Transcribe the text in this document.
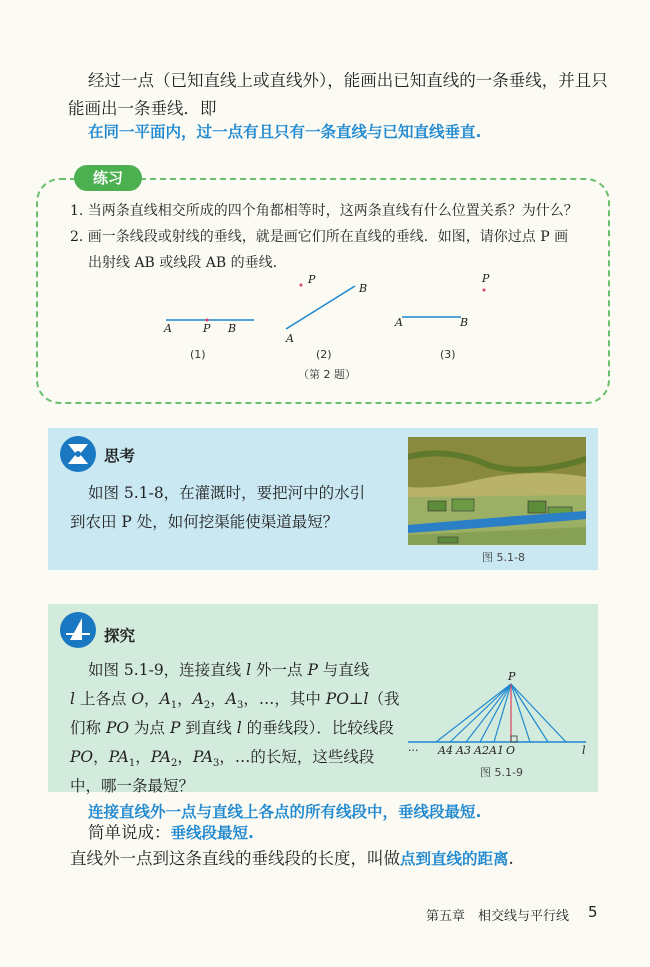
经过一点（已知直线上或直线外），能画出已知直线的一条垂线，并且只
能画出一条垂线．即
在同一平面内，过一点有且只有一条直线与已知直线垂直.
练习
1. 当两条直线相交所成的四个角都相等时，这两条直线有什么位置关系？为什么？
2. 画一条线段或射线的垂线，就是画它们所在直线的垂线．如图，请你过点 P 画
出射线 AB 或线段 AB 的垂线.
A	P B
P
B
A
P
A	B
(1)	(2)	(3)
（第 2 题）
思考
如图 5.1-8，在灌溉时，要把河中的水引
到农田 P 处，如何挖渠能使渠道最短？
图 5.1-8
探究
如图 5.1-9，连接直线 l 外一点 P 与直线
l 上各点 O，$A_1$，$A_2$，$A_3$，…，其中 PO⊥l（我
们称 PO 为点 P 到直线 l 的垂线段）．比较线段
PO，$PA_1$，$PA_2$，$PA_3$，…的长短，这些线段
中，哪一条最短？
P
··· A4 A3 A2 A1 O	l
图 5.1-9
连接直线外一点与直线上各点的所有线段中，垂线段最短.
简单说成：垂线段最短.
直线外一点到这条直线的垂线段的长度，叫做点到直线的距离.
第五章　相交线与平行线 5
